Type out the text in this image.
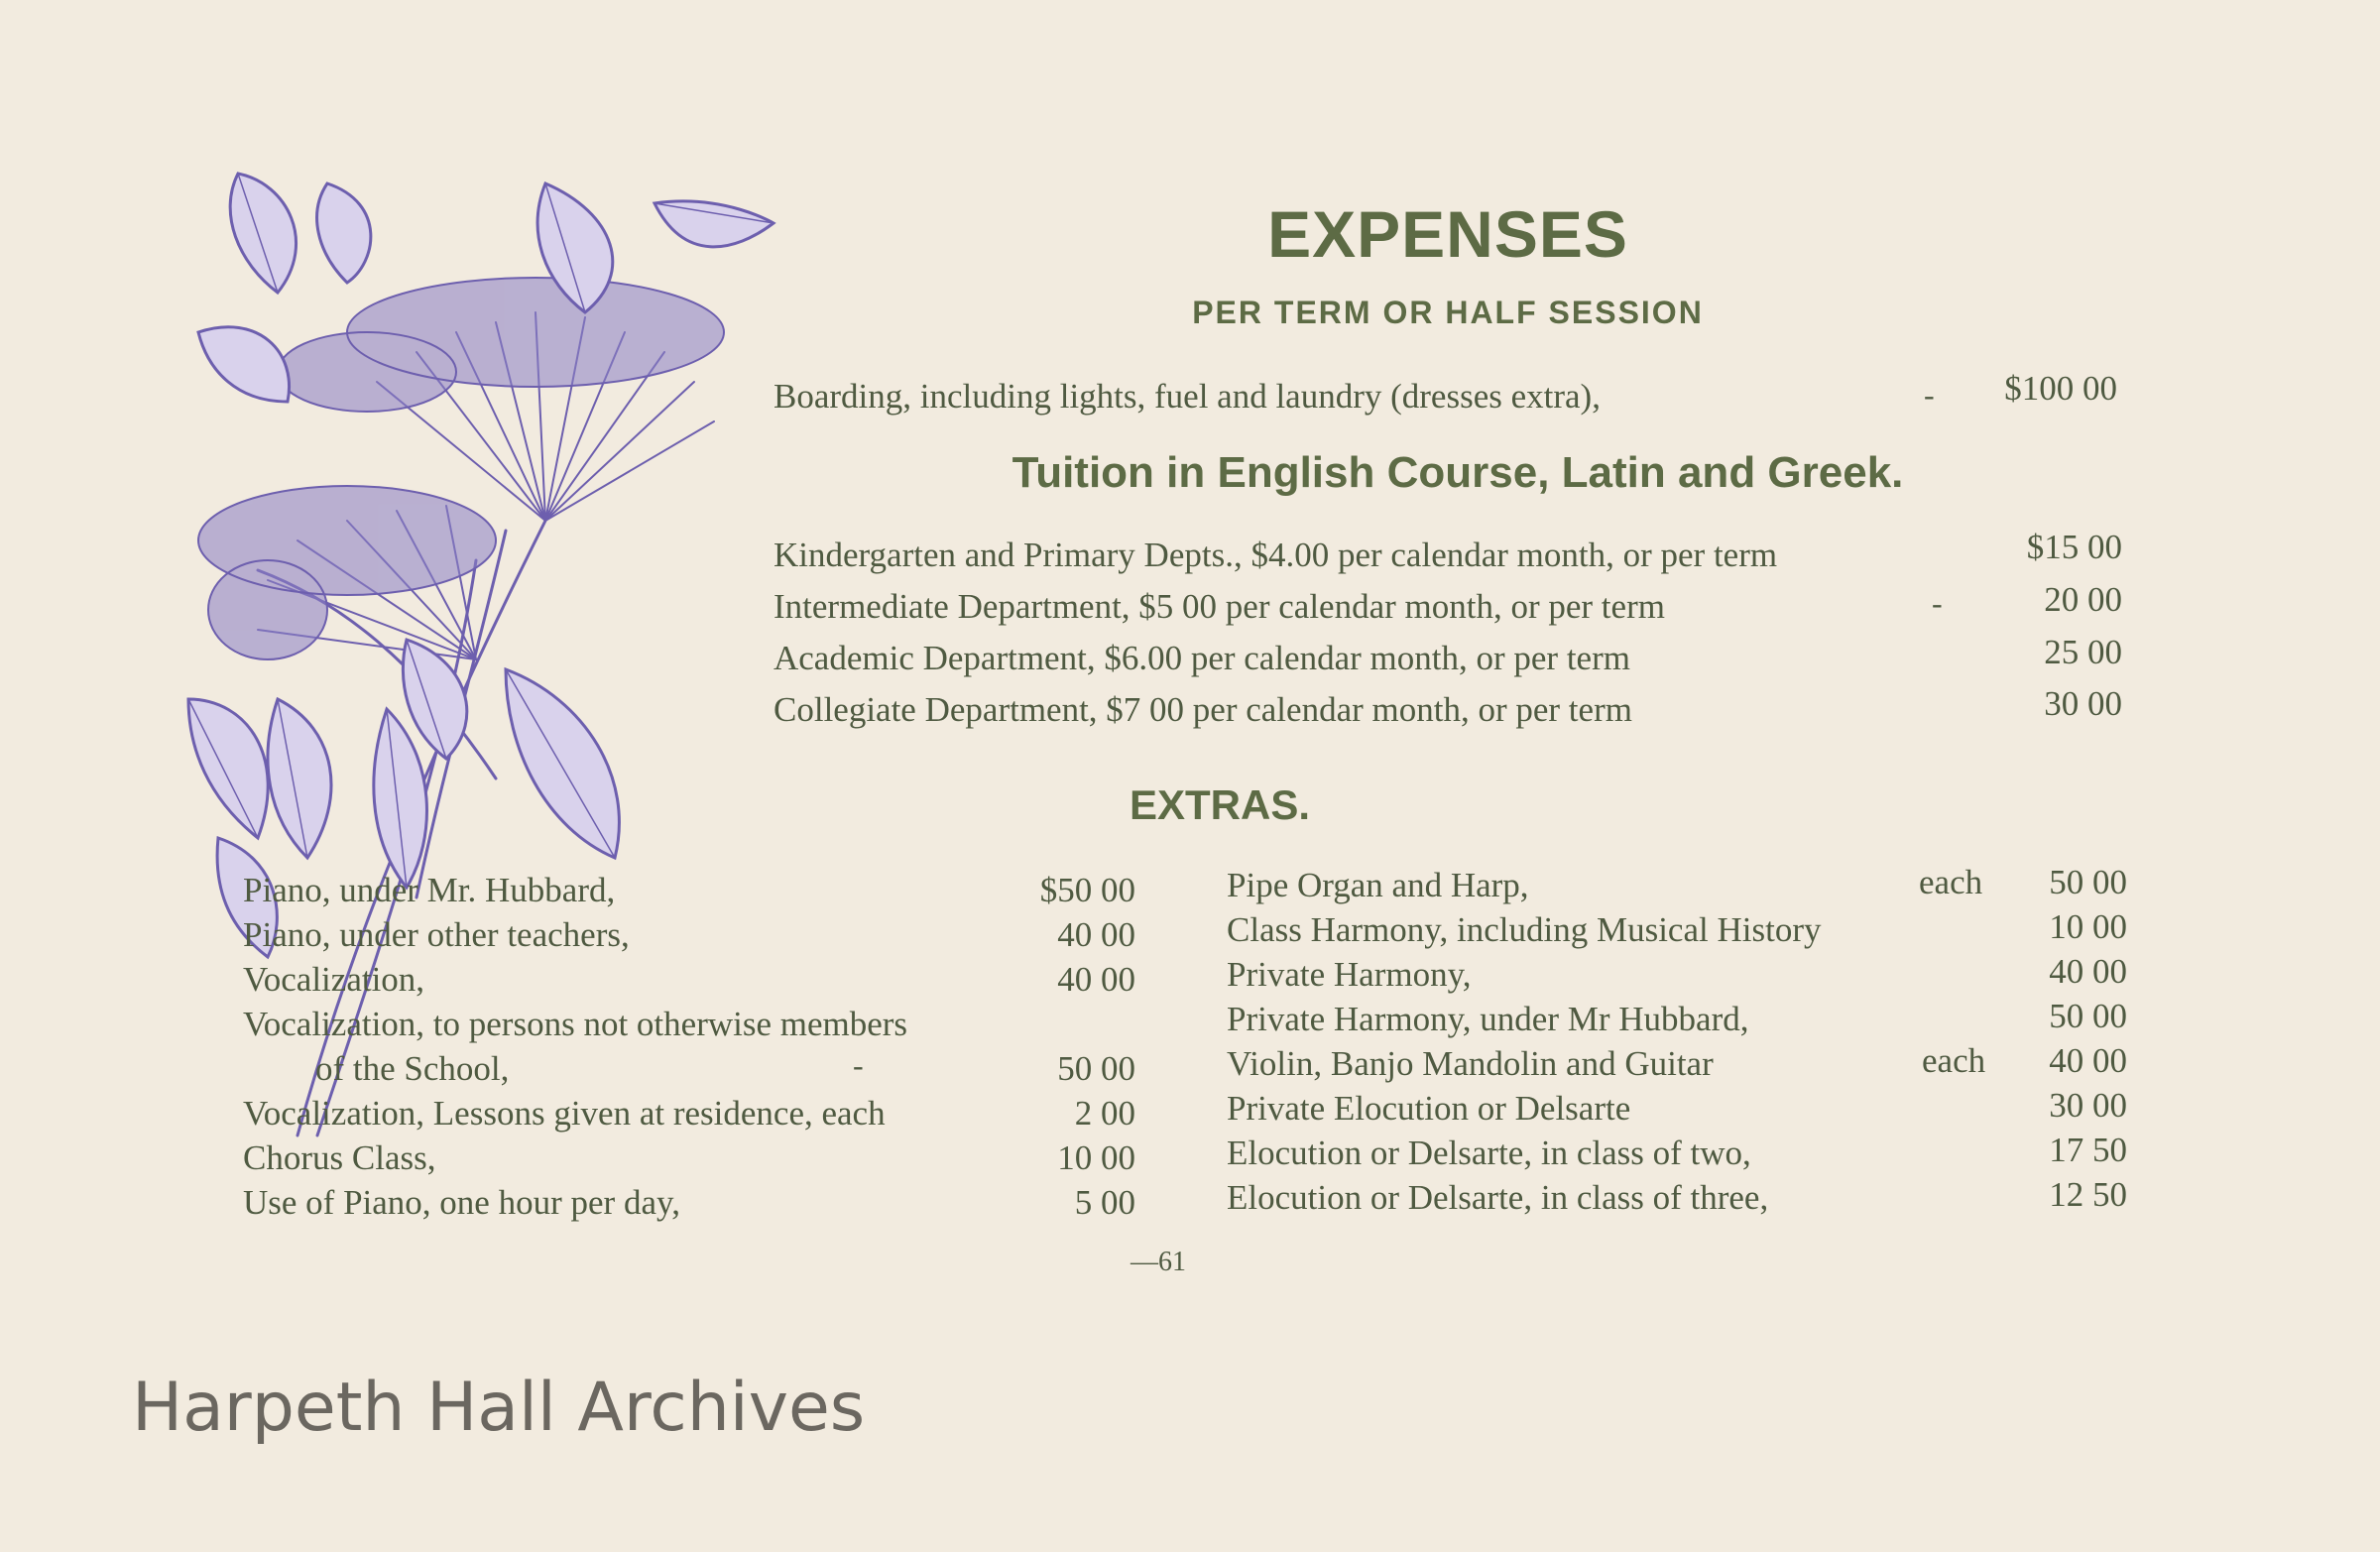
EXPENSES
PER TERM OR HALF SESSION
Boarding, including lights, fuel and laundry (dresses extra),	-	$100 00
Tuition in English Course, Latin and Greek.
Kindergarten and Primary Depts., $4.00 per calendar month, or per term	$15 00
Intermediate Department, $5 00 per calendar month, or per term	-	20 00
Academic Department, $6.00 per calendar month, or per term	25 00
Collegiate Department, $7 00 per calendar month, or per term	30 00
EXTRAS.
Piano, under Mr. Hubbard,	$50 00
Piano, under other teachers,	40 00
Vocalization,	40 00
Vocalization, to persons not otherwise members
of the School,	-	50 00
Vocalization, Lessons given at residence, each	2 00
Chorus Class,	10 00
Use of Piano, one hour per day,	5 00
Pipe Organ and Harp,	each	50 00
Class Harmony, including Musical History	10 00
Private Harmony,	40 00
Private Harmony, under Mr Hubbard,	50 00
Violin, Banjo Mandolin and Guitar	each	40 00
Private Elocution or Delsarte	30 00
Elocution or Delsarte, in class of two,	17 50
Elocution or Delsarte, in class of three,	12 50
—61
Harpeth Hall Archives
